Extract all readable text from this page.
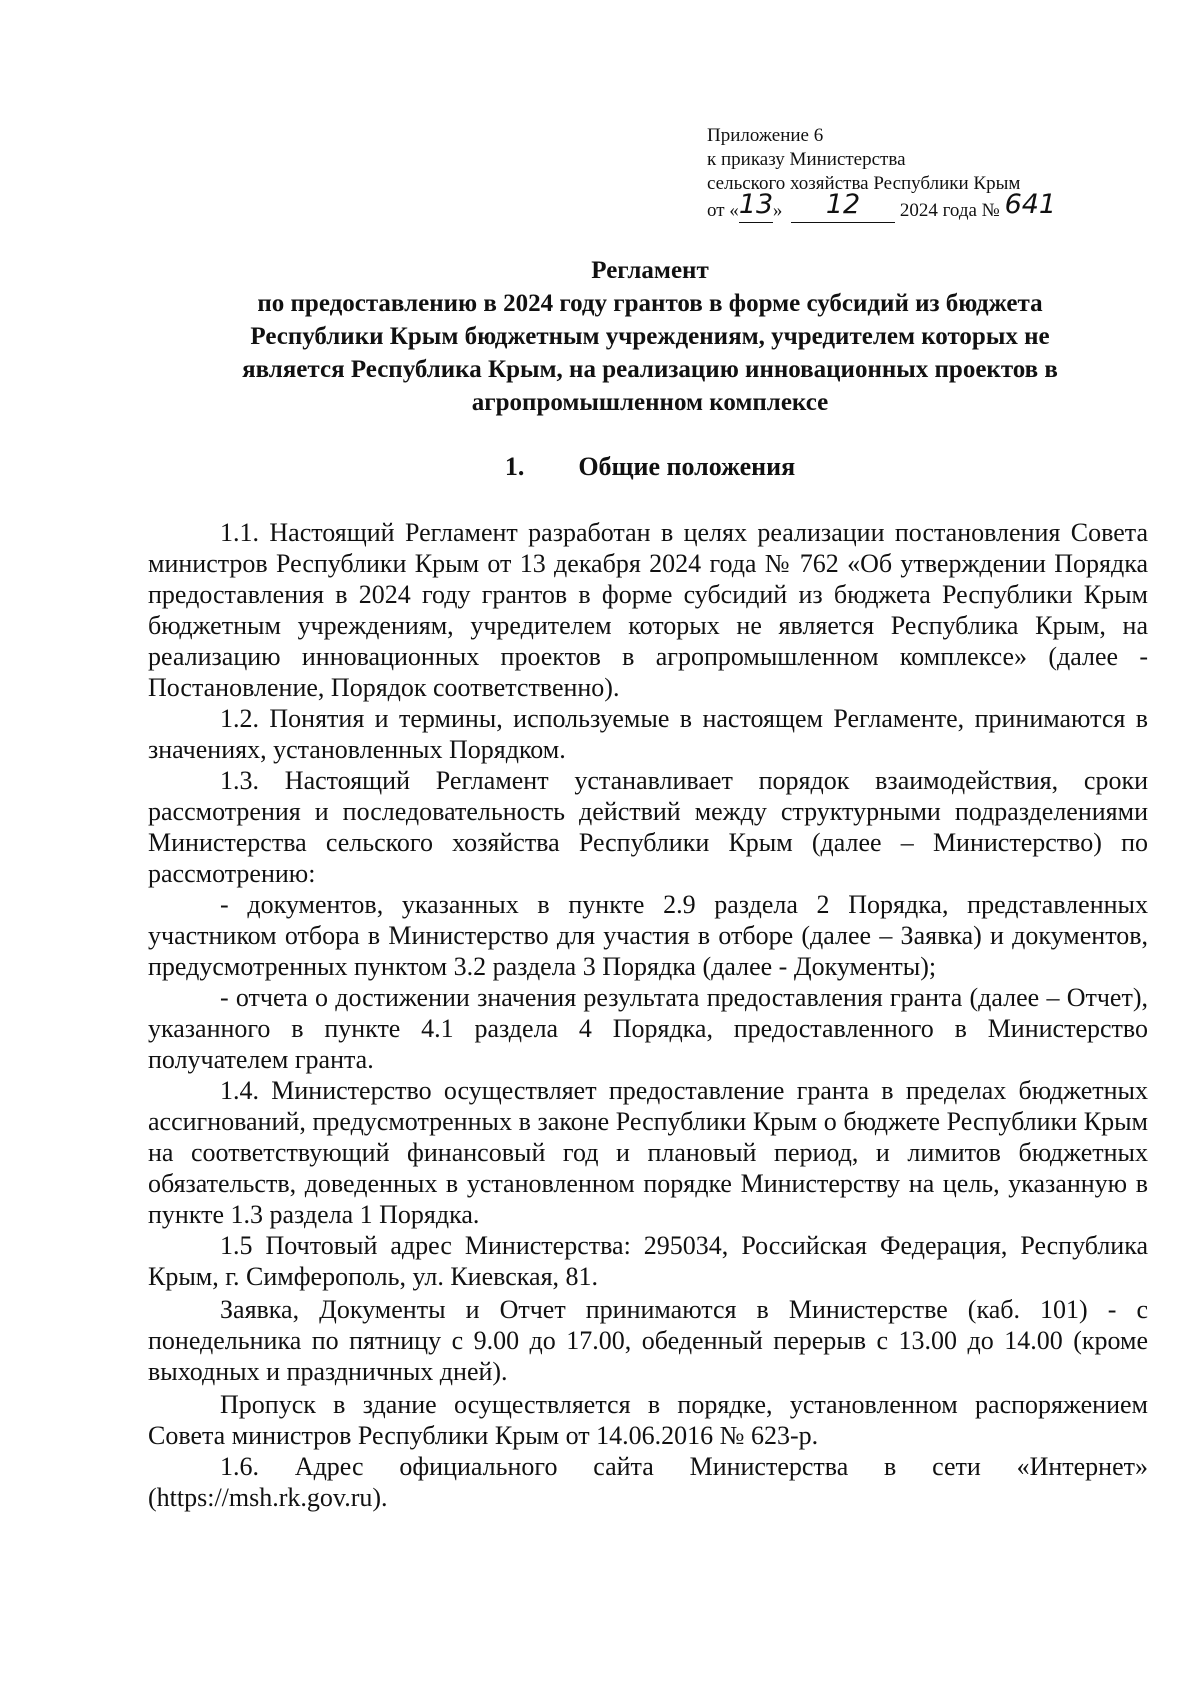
Приложение 6
к приказу Министерства
сельского хозяйства Республики Крым
от «13» 12 2024 года № 641
Регламент
по предоставлению в 2024 году грантов в форме субсидий из бюджета
Республики Крым бюджетным учреждениям, учредителем которых не
является Республика Крым, на реализацию инновационных проектов в
агропромышленном комплексе
1. Общие положения

1.1. Настоящий Регламент разработан в целях реализации постановления Совета министров Республики Крым от 13 декабря 2024 года № 762 «Об утверждении Порядка предоставления в 2024 году грантов в форме субсидий из бюджета Республики Крым бюджетным учреждениям, учредителем которых не является Республика Крым, на реализацию инновационных проектов в агропромышленном комплексе» (далее - Постановление, Порядок соответственно).

1.2. Понятия и термины, используемые в настоящем Регламенте, принимаются в значениях, установленных Порядком.

1.3. Настоящий Регламент устанавливает порядок взаимодействия, сроки рассмотрения и последовательность действий между структурными подразделениями Министерства сельского хозяйства Республики Крым (далее – Министерство) по рассмотрению:

- документов, указанных в пункте 2.9 раздела 2 Порядка, представленных участником отбора в Министерство для участия в отборе (далее – Заявка) и документов, предусмотренных пунктом 3.2 раздела 3 Порядка (далее - Документы);

- отчета о достижении значения результата предоставления гранта (далее – Отчет), указанного в пункте 4.1 раздела 4 Порядка, предоставленного в Министерство получателем гранта.

1.4. Министерство осуществляет предоставление гранта в пределах бюджетных ассигнований, предусмотренных в законе Республики Крым о бюджете Республики Крым на соответствующий финансовый год и плановый период, и лимитов бюджетных обязательств, доведенных в установленном порядке Министерству на цель, указанную в пункте 1.3 раздела 1 Порядка.

1.5 Почтовый адрес Министерства: 295034, Российская Федерация, Республика Крым, г. Симферополь, ул. Киевская, 81.

Заявка, Документы и Отчет принимаются в Министерстве (каб. 101) - с понедельника по пятницу с 9.00 до 17.00, обеденный перерыв с 13.00 до 14.00 (кроме выходных и праздничных дней).

Пропуск в здание осуществляется в порядке, установленном распоряжением Совета министров Республики Крым от 14.06.2016 № 623-р.

1.6. Адрес официального сайта Министерства в сети «Интернет» (https://msh.rk.gov.ru).
